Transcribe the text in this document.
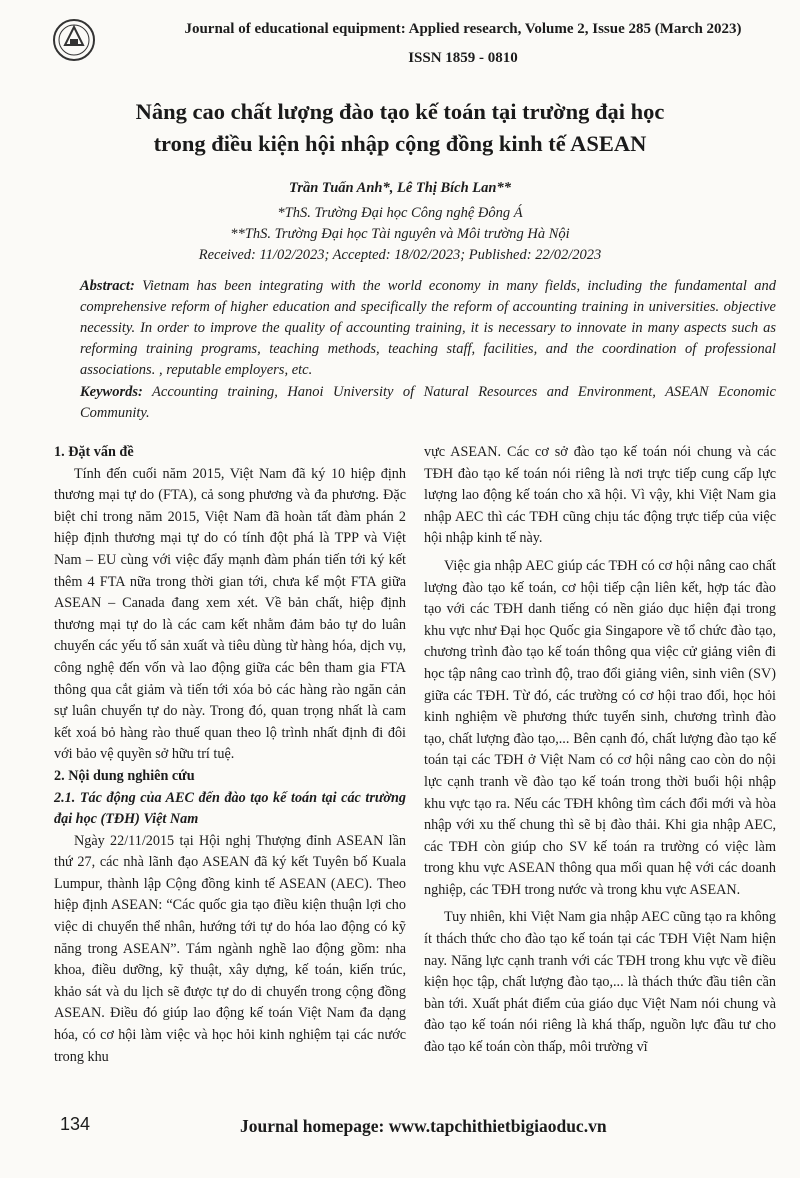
Journal of educational equipment: Applied research, Volume 2, Issue 285 (March 2023)
ISSN 1859 - 0810
Nâng cao chất lượng đào tạo kế toán tại trường đại học
trong điều kiện hội nhập cộng đồng kinh tế ASEAN
Trần Tuấn Anh*, Lê Thị Bích Lan**
*ThS. Trường Đại học Công nghệ Đông Á
**ThS. Trường Đại học Tài nguyên và Môi trường Hà Nội
Received: 11/02/2023; Accepted: 18/02/2023; Published: 22/02/2023
Abstract: Vietnam has been integrating with the world economy in many fields, including the fundamental and comprehensive reform of higher education and specifically the reform of accounting training in universities. objective necessity. In order to improve the quality of accounting training, it is necessary to innovate in many aspects such as reforming training programs, teaching methods, teaching staff, facilities, and the coordination of professional associations. , reputable employers, etc.
Keywords: Accounting training, Hanoi University of Natural Resources and Environment, ASEAN Economic Community.
1. Đặt vấn đề

Tính đến cuối năm 2015, Việt Nam đã ký 10 hiệp định thương mại tự do (FTA), cả song phương và đa phương. Đặc biệt chỉ trong năm 2015, Việt Nam đã hoàn tất đàm phán 2 hiệp định thương mại tự do có tính đột phá là TPP và Việt Nam – EU cùng với việc đẩy mạnh đàm phán tiến tới ký kết thêm 4 FTA nữa trong thời gian tới, chưa kể một FTA giữa ASEAN – Canada đang xem xét. Về bản chất, hiệp định thương mại tự do là các cam kết nhằm đảm bảo tự do luân chuyển các yếu tố sản xuất và tiêu dùng từ hàng hóa, dịch vụ, công nghệ đến vốn và lao động giữa các bên tham gia FTA thông qua cắt giảm và tiến tới xóa bỏ các hàng rào ngăn cản sự luân chuyển tự do này. Trong đó, quan trọng nhất là cam kết xoá bỏ hàng rào thuế quan theo lộ trình nhất định đi đôi với bảo vệ quyền sở hữu trí tuệ.

2. Nội dung nghiên cứu
2.1. Tác động của AEC đến đào tạo kế toán tại các trường đại học (TĐH) Việt Nam

Ngày 22/11/2015 tại Hội nghị Thượng đỉnh ASEAN lần thứ 27, các nhà lãnh đạo ASEAN đã ký kết Tuyên bố Kuala Lumpur, thành lập Cộng đồng kinh tế ASEAN (AEC). Theo hiệp định ASEAN: “Các quốc gia tạo điều kiện thuận lợi cho việc di chuyển thể nhân, hướng tới tự do hóa lao động có kỹ năng trong ASEAN”. Tám ngành nghề lao động gồm: nha khoa, điều dưỡng, kỹ thuật, xây dựng, kế toán, kiến trúc, khảo sát và du lịch sẽ được tự do di chuyển trong cộng đồng ASEAN. Điều đó giúp lao động kế toán Việt Nam đa dạng hóa, có cơ hội làm việc và học hỏi kinh nghiệm tại các nước trong khu

vực ASEAN. Các cơ sở đào tạo kế toán nói chung và các TĐH đào tạo kế toán nói riêng là nơi trực tiếp cung cấp lực lượng lao động kế toán cho xã hội. Vì vậy, khi Việt Nam gia nhập AEC thì các TĐH cũng chịu tác động trực tiếp của việc hội nhập kinh tế này.

Việc gia nhập AEC giúp các TĐH có cơ hội nâng cao chất lượng đào tạo kế toán, cơ hội tiếp cận liên kết, hợp tác đào tạo với các TĐH danh tiếng có nền giáo dục hiện đại trong khu vực như Đại học Quốc gia Singapore về tổ chức đào tạo, chương trình đào tạo kế toán thông qua việc cử giảng viên đi học tập nâng cao trình độ, trao đổi giảng viên, sinh viên (SV) giữa các TĐH. Từ đó, các trường có cơ hội trao đổi, học hỏi kinh nghiệm về phương thức tuyển sinh, chương trình đào tạo, chất lượng đào tạo,... Bên cạnh đó, chất lượng đào tạo kế toán tại các TĐH ở Việt Nam có cơ hội nâng cao còn do nội lực cạnh tranh về đào tạo kế toán trong thời buổi hội nhập khu vực tạo ra. Nếu các TĐH không tìm cách đổi mới và hòa nhập với xu thế chung thì sẽ bị đào thải. Khi gia nhập AEC, các TĐH còn giúp cho SV kế toán ra trường có việc làm trong khu vực ASEAN thông qua mối quan hệ với các doanh nghiệp, các TĐH trong nước và trong khu vực ASEAN.

Tuy nhiên, khi Việt Nam gia nhập AEC cũng tạo ra không ít thách thức cho đào tạo kế toán tại các TĐH Việt Nam hiện nay. Năng lực cạnh tranh với các TĐH trong khu vực về điều kiện học tập, chất lượng đào tạo,... là thách thức đầu tiên cần bàn tới. Xuất phát điểm của giáo dục Việt Nam nói chung và đào tạo kế toán nói riêng là khá thấp, nguồn lực đầu tư cho đào tạo kế toán còn thấp, môi trường vĩ

134	Journal homepage: www.tapchithietbigiaoduc.vn
